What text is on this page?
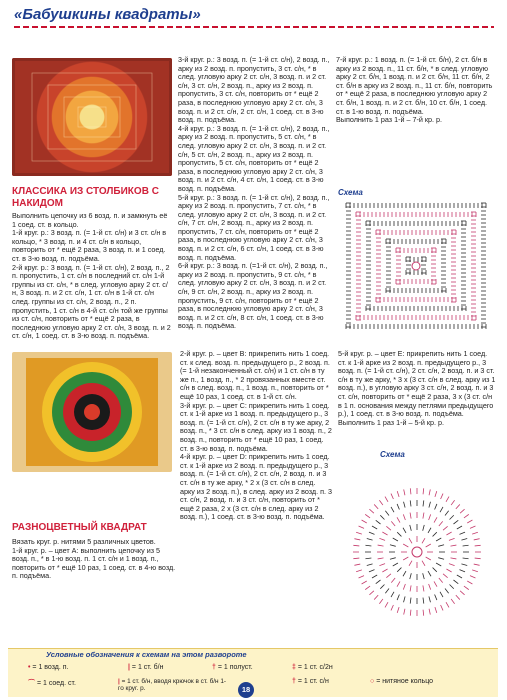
«Бабушкины квадраты»
КЛАССИКА ИЗ СТОЛБИКОВ С НАКИДОМ

Выполнить цепочку из 6 возд. п. и замкнуть её 1 соед. ст. в кольцо.

1-й круг. р.: 3 возд. п. (= 1-й ст. с/н) и 3 ст. с/н в кольцо, * 3 возд. п. и 4 ст. с/н в кольцо, повторить от * ещё 2 раза, 3 возд. п. и 1 соед. ст. в 3-ю возд. п. подъёма.

2-й круг. р.: 3 возд. п. (= 1-й ст. с/н), 2 возд. п., 2 п. пропустить, 1 ст. с/н в последний ст. с/н 1-й группы из ст. с/н, * в след. угловую арку 2 ст. с/н, 3 возд. п. и 2 ст. с/н, 1 ст. с/н в 1-й ст. с/н след. группы из ст. с/н, 2 возд. п., 2 п. пропустить, 1 ст. с/н в 4-й ст. с/н той же группы из ст. с/н, повторить от * ещё 2 раза, в последнюю угловую арку 2 ст. с/н, 3 возд. п. и 2 ст. с/н, 1 соед. ст. в 3-ю возд. п. подъёма.

3-й круг. р.: 3 возд. п. (= 1-й ст. с/н), 2 возд. п., арку из 2 возд. п. пропустить, 3 ст. с/н, * в след. угловую арку 2 ст. с/н, 3 возд. п. и 2 ст. с/н, 3 ст. с/н, 2 возд. п., арку из 2 возд. п. пропустить, 3 ст. с/н, повторить от * ещё 2 раза, в последнюю угловую арку 2 ст. с/н, 3 возд. п. и 2 ст. с/н, 2 ст. с/н, 1 соед. ст. в 3-ю возд. п. подъёма.

4-й круг. р.: 3 возд. п. (= 1-й ст. с/н), 2 возд. п., арку из 2 возд. п. пропустить, 5 ст. с/н, * в след. угловую арку 2 ст. с/н, 3 возд. п. и 2 ст. с/н, 5 ст. с/н, 2 возд. п., арку из 2 возд. п. пропустить, 5 ст. с/н, повторить от * ещё 2 раза, в последнюю угловую арку 2 ст. с/н, 3 возд. п. и 2 ст. с/н, 4 ст. с/н, 1 соед. ст. в 3-ю возд. п. подъёма.

5-й круг. р.: 3 возд. п. (= 1-й ст. с/н), 2 возд. п., арку из 2 возд. п. пропустить, 7 ст. с/н, * в след. угловую арку 2 ст. с/н, 3 возд. п. и 2 ст. с/н, 7 ст. с/н, 2 возд. п., арку из 2 возд. п. пропустить, 7 ст. с/н, повторить от * ещё 2 раза, в последнюю угловую арку 2 ст. с/н, 3 возд. п. и 2 ст. с/н, 6 ст. с/н, 1 соед. ст. в 3-ю возд. п. подъёма.

6-й круг. р.: 3 возд. п. (=1-й ст. с/н), 2 возд. п., арку из 2 возд. п. пропустить, 9 ст. с/н, * в след. угловую арку 2 ст. с/н, 3 возд. п. и 2 ст. с/н, 9 ст. с/н, 2 возд. п., арку из 2 возд. п. пропустить, 9 ст. с/н, повторить от * ещё 2 раза, в последнюю угловую арку 2 ст. с/н, 3 возд. п. и 2 ст. с/н, 8 ст. с/н, 1 соед. ст. в 3-ю возд. п. подъёма.

7-й круг. р.: 1 возд. п. (= 1-й ст. б/н), 2 ст. б/н в арку из 2 возд. п., 11 ст. б/н, * в след. угловую арку 2 ст. б/н, 1 возд. п. и 2 ст. б/н, 11 ст. б/н, 2 ст. б/н в арку из 2 возд. п., 11 ст. б/н, повторить от * ещё 2 раза, в последнюю угловую арку 2 ст. б/н, 1 возд. п. и 2 ст. б/н, 10 ст. б/н, 1 соед. ст. в 1-ю возд. п. подъёма.

Выполнить 1 раз 1-й – 7-й кр. р.

Схема
РАЗНОЦВЕТНЫЙ КВАДРАТ

Вязать круг. р. нитями 5 различных цветов.

1-й круг. р. – цвет A: выполнить цепочку из 5 возд. п., * в 1-ю возд. п. 1 ст. с/н и 1 возд. п., повторить от * ещё 10 раз, 1 соед. ст. в 4-ю возд. п. подъёма.

2-й круг. р. – цвет B: прикрепить нить 1 соед. ст. к след. возд. п. предыдущего р., 2 возд. п. (= 1-й незаконченный ст. с/н) и 1 ст. с/н в ту же п., 1 возд. п., * 2 провязанных вместе ст. с/н в след. возд. п., 1 возд. п., повторить от * ещё 10 раз, 1 соед. ст. в 1-й ст. с/н.

3-й круг. р. – цвет C: прикрепить нить 1 соед. ст. к 1-й арке из 1 возд. п. предыдущего р., 3 возд. п. (= 1-й ст. с/н), 2 ст. с/н в ту же арку, 2 возд. п., * 3 ст. с/н в след. арку из 1 возд. п., 2 возд. п., повторить от * ещё 10 раз, 1 соед. ст. в 3-ю возд. п. подъёма.

4-й круг. р. – цвет D: прикрепить нить 1 соед. ст. к 1-й арке из 2 возд. п. предыдущего р., 3 возд. п. (= 1-й ст. с/н), 2 ст. с/н, 2 возд. п. и 3 ст. с/н в ту же арку, * 2 х (3 ст. с/н в след. арку из 2 возд. п.), в след. арку из 2 возд. п. 3 ст. с/н, 2 возд. п. и 3 ст. с/н, повторить от * ещё 2 раза, 2 х (3 ст. с/н в след. арку из 2 возд. п.), 1 соед. ст. в 3-ю возд. п. подъёма.

5-й круг. р. – цвет E: прикрепить нить 1 соед. ст. к 1-й арке из 2 возд. п. предыдущего р., 3 возд. п. (= 1-й ст. с/н), 2 ст. с/н, 2 возд. п. и 3 ст. с/н в ту же арку, * 3 х (3 ст. с/н в след. арку из 1 возд. п.), в угловую арку 3 ст. с/н, 2 возд. п. и 3 ст. с/н, повторить от * ещё 2 раза, 3 х (3 ст. с/н в 1 п. основания между петлями предыдущего р.), 1 соед. ст. в 3-ю возд. п. подъёма.

Выполнить 1 раз 1-й – 5-й кр. р.

Схема
Условные обозначения к схемам на этом развороте
• = 1 возд. п.	| = 1 ст. б/н	† = 1 полуст.	‡ = 1 ст. с/2н
⌒ = 1 соед. ст.	| = 1 ст. б/н, вводя крючок в ст. б/н 1-го круг. р.
† = 1 ст. с/н	○ = нитяное кольцо
18
